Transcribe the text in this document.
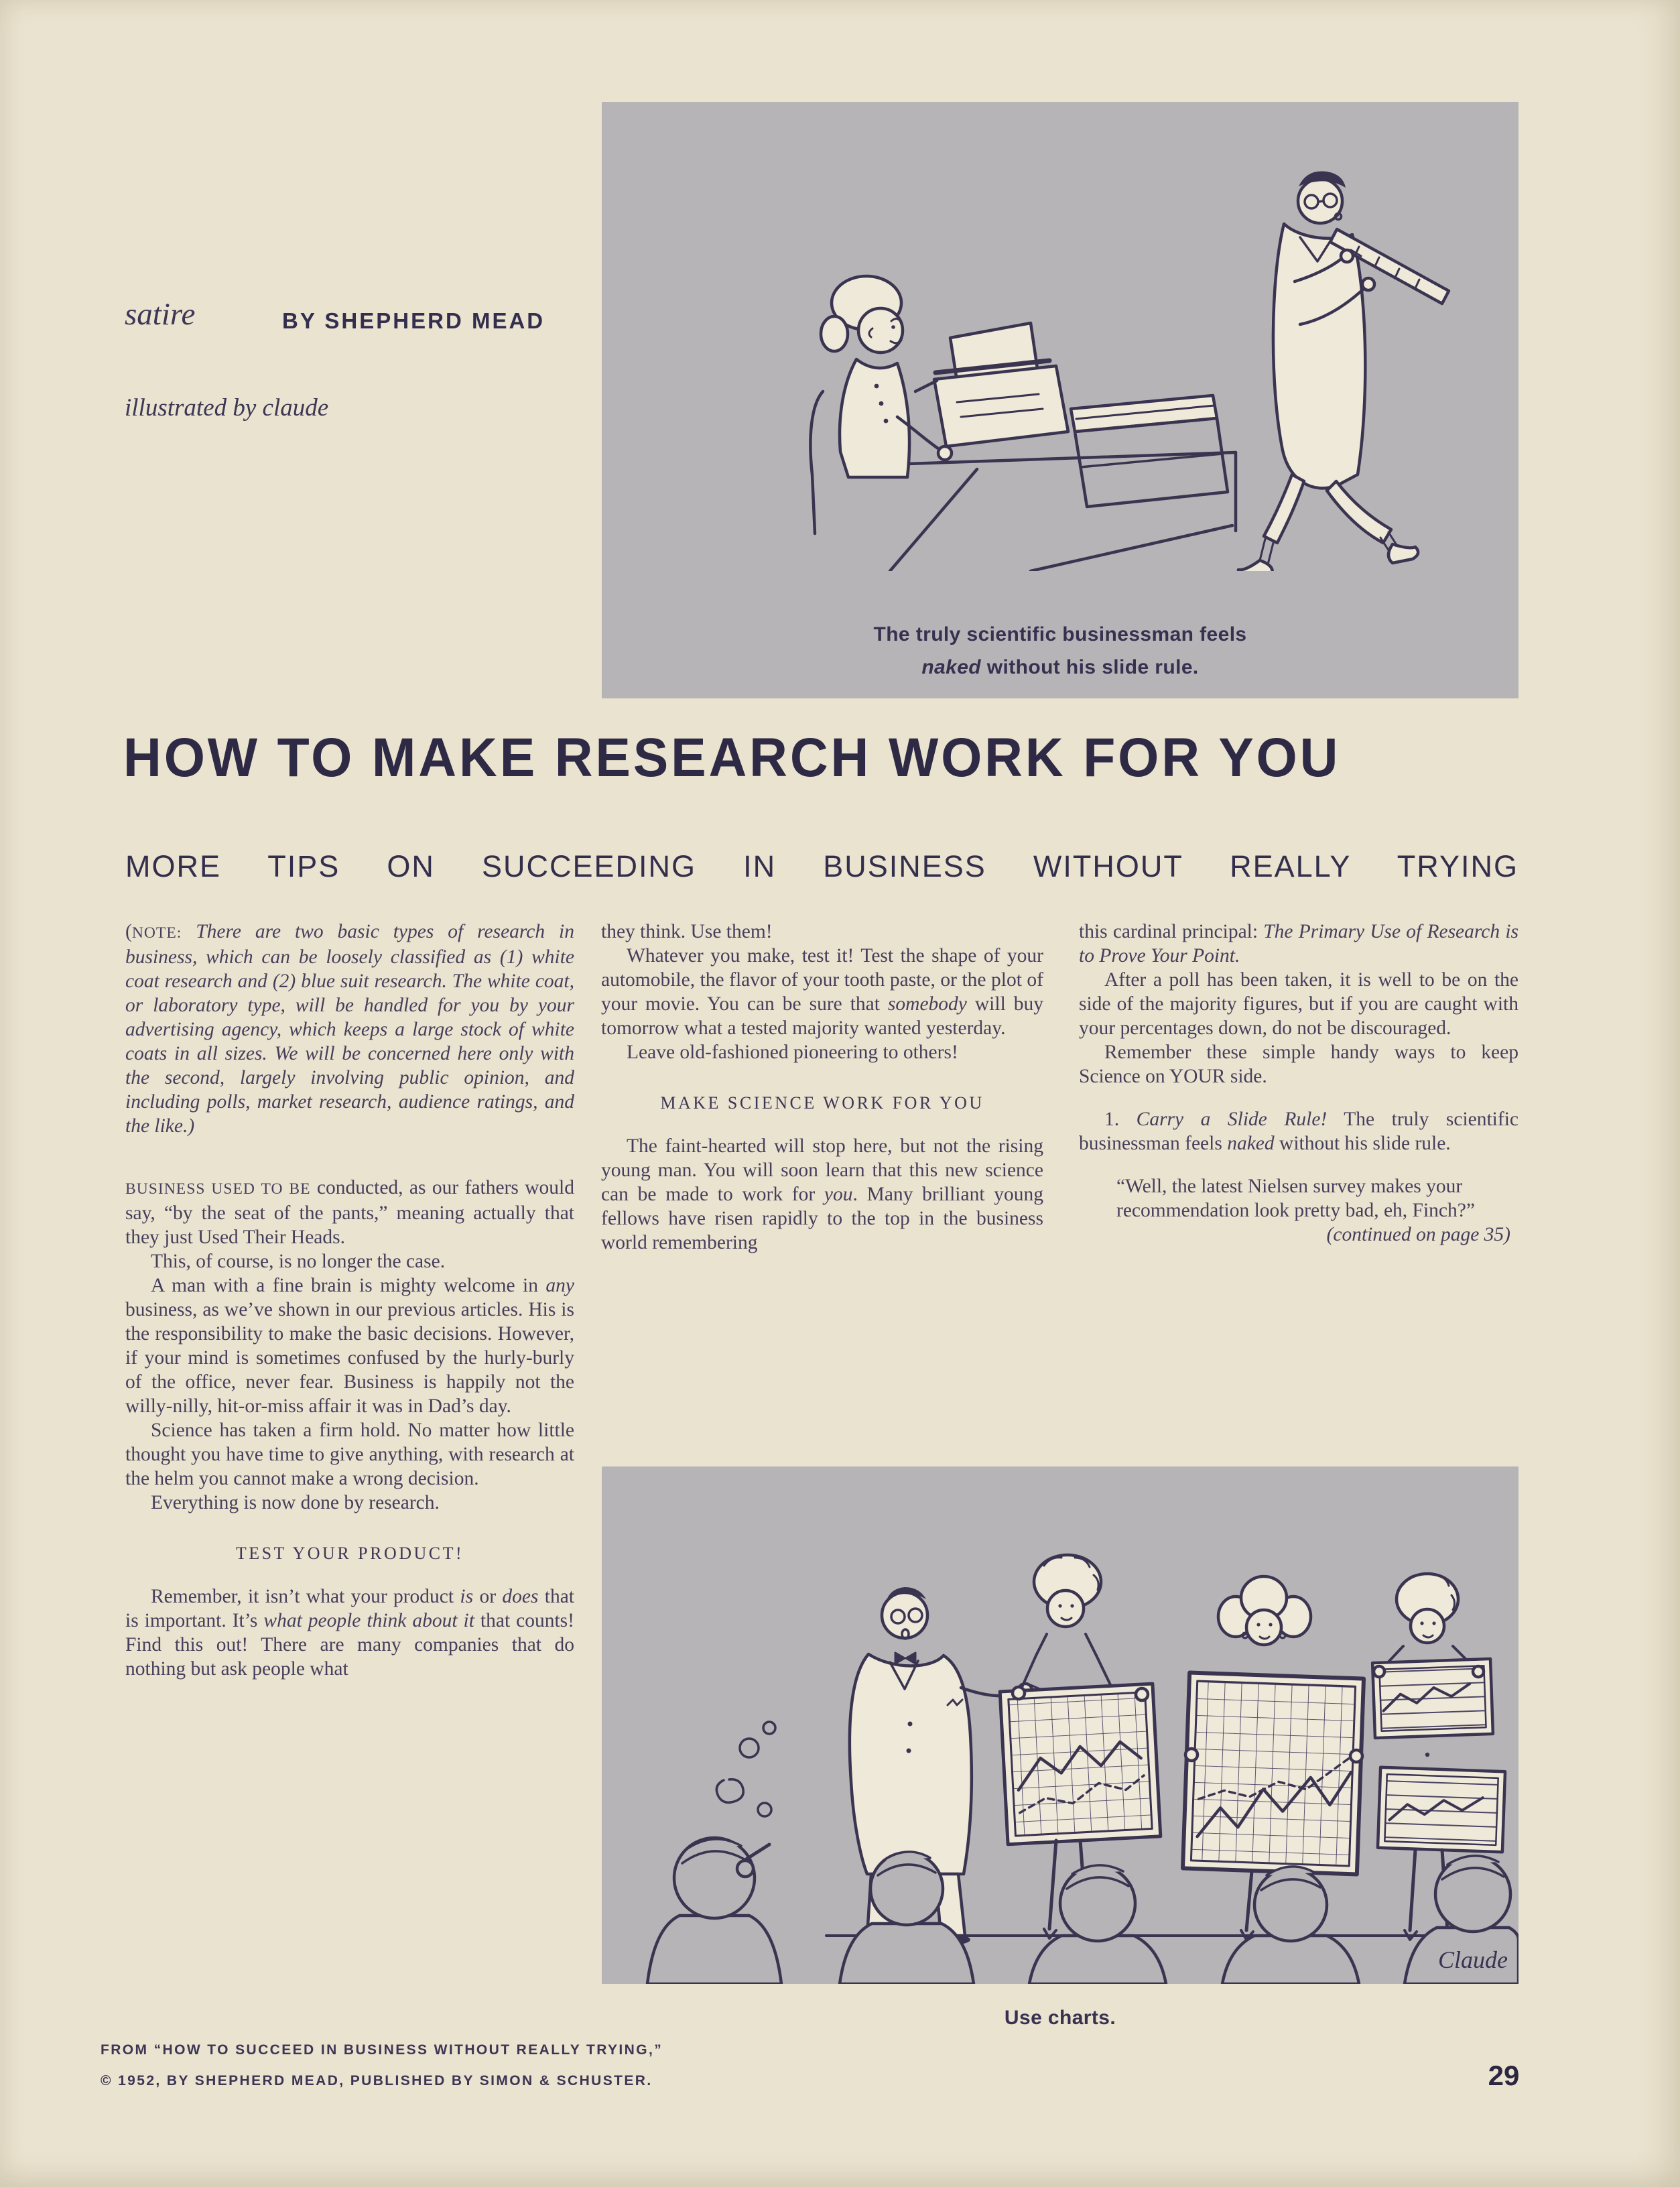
satire	BY SHEPHERD MEAD
illustrated by claude
The truly scientific businessman feels
naked without his slide rule.
HOW TO MAKE RESEARCH WORK FOR YOU
MORE TIPS ON SUCCEEDING IN BUSINESS WITHOUT REALLY TRYING
(NOTE: There are two basic types of research in business, which can be loosely classified as (1) white coat research and (2) blue suit research. The white coat, or laboratory type, will be handled for you by your advertising agency, which keeps a large stock of white coats in all sizes. We will be concerned here only with the second, largely involving public opinion, and including polls, market research, audience ratings, and the like.)
BUSINESS USED TO BE conducted, as our fathers would say, “by the seat of the pants,” meaning actually that they just Used Their Heads.
This, of course, is no longer the case.
A man with a fine brain is mighty welcome in any business, as we’ve shown in our previous articles. His is the responsibility to make the basic decisions. However, if your mind is sometimes confused by the hurly-burly of the office, never fear. Business is happily not the willy-nilly, hit-or-miss affair it was in Dad’s day.
Science has taken a firm hold. No matter how little thought you have time to give anything, with research at the helm you cannot make a wrong decision.
Everything is now done by research.
TEST YOUR PRODUCT!
Remember, it isn’t what your product is or does that is important. It’s what people think about it that counts! Find this out! There are many companies that do nothing but ask people what
they think. Use them!
Whatever you make, test it! Test the shape of your automobile, the flavor of your tooth paste, or the plot of your movie. You can be sure that somebody will buy tomorrow what a tested majority wanted yesterday.
Leave old-fashioned pioneering to others!
MAKE SCIENCE WORK FOR YOU
The faint-hearted will stop here, but not the rising young man. You will soon learn that this new science can be made to work for you. Many brilliant young fellows have risen rapidly to the top in the business world remembering
this cardinal principal: The Primary Use of Research is to Prove Your Point.
After a poll has been taken, it is well to be on the side of the majority figures, but if you are caught with your percentages down, do not be discouraged.
Remember these simple handy ways to keep Science on YOUR side.
1. Carry a Slide Rule! The truly scientific businessman feels naked without his slide rule.
“Well, the latest Nielsen survey makes your recommendation look pretty bad, eh, Finch?”
(continued on page 35)
Claude
Use charts.
FROM “HOW TO SUCCEED IN BUSINESS WITHOUT REALLY TRYING,”
© 1952, BY SHEPHERD MEAD, PUBLISHED BY SIMON & SCHUSTER.	29
